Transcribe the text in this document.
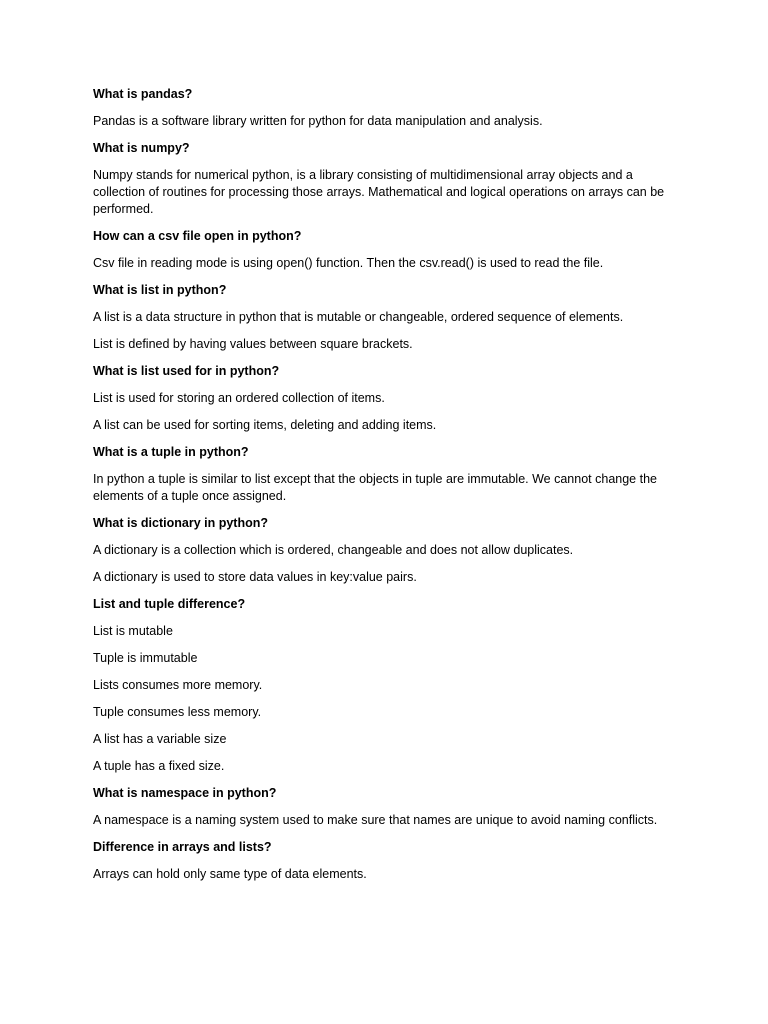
What is pandas?

Pandas is a software library written for python for data manipulation and analysis.

What is numpy?

Numpy stands for numerical python, is a library consisting of multidimensional array objects and a collection of routines for processing those arrays. Mathematical and logical operations on arrays can be performed.

How can a csv file open in python?

Csv file in reading mode is using open() function. Then the csv.read() is used to read the file.

What is list in python?

A list is a data structure in python that is mutable or changeable, ordered sequence of elements.

List is defined by having values between square brackets.

What is list used for in python?

List is used for storing an ordered collection of items.

A list can be used for sorting items, deleting and adding items.

What is a tuple in python?

In python a tuple is similar to list except that the objects in tuple are immutable. We cannot change the elements of a tuple once assigned.

What is dictionary in python?

A dictionary is a collection which is ordered, changeable and does not allow duplicates.

A dictionary is used to store data values in key:value pairs.

List and tuple difference?

List is mutable

Tuple is immutable

Lists consumes more memory.

Tuple consumes less memory.

A list has a variable size

A tuple has a fixed size.

What is namespace in python?

A namespace is a naming system used to make sure that names are unique to avoid naming conflicts.

Difference in arrays and lists?

Arrays can hold only same type of data elements.
